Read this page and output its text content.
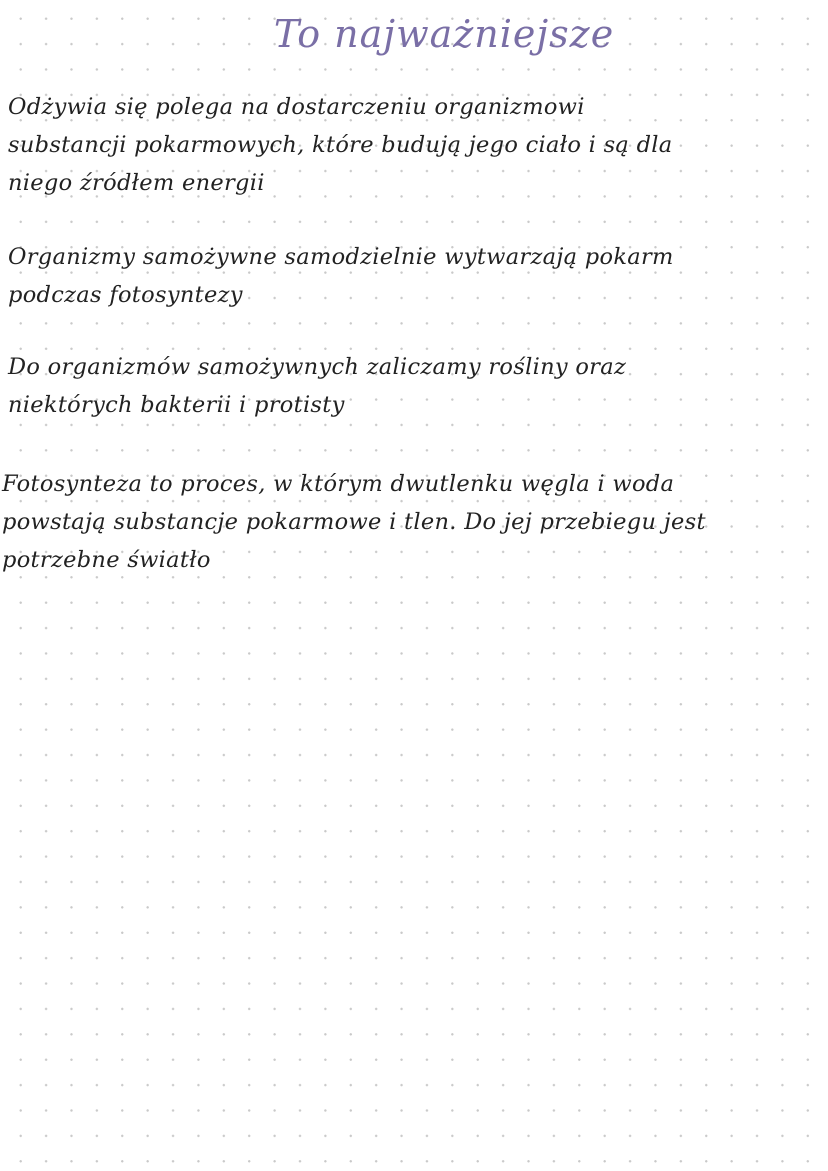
To najważniejsze

Odżywia się polega na dostarczeniu organizmowi
substancji pokarmowych, które budują jego ciało i są dla
niego źródłem energii

Organizmy samożywne samodzielnie wytwarzają pokarm
podczas fotosyntezy

Do organizmów samożywnych zaliczamy rośliny oraz
niektórych bakterii i protisty

Fotosynteza to proces, w którym dwutlenku węgla i woda
powstają substancje pokarmowe i tlen. Do jej przebiegu jest
potrzebne światło
